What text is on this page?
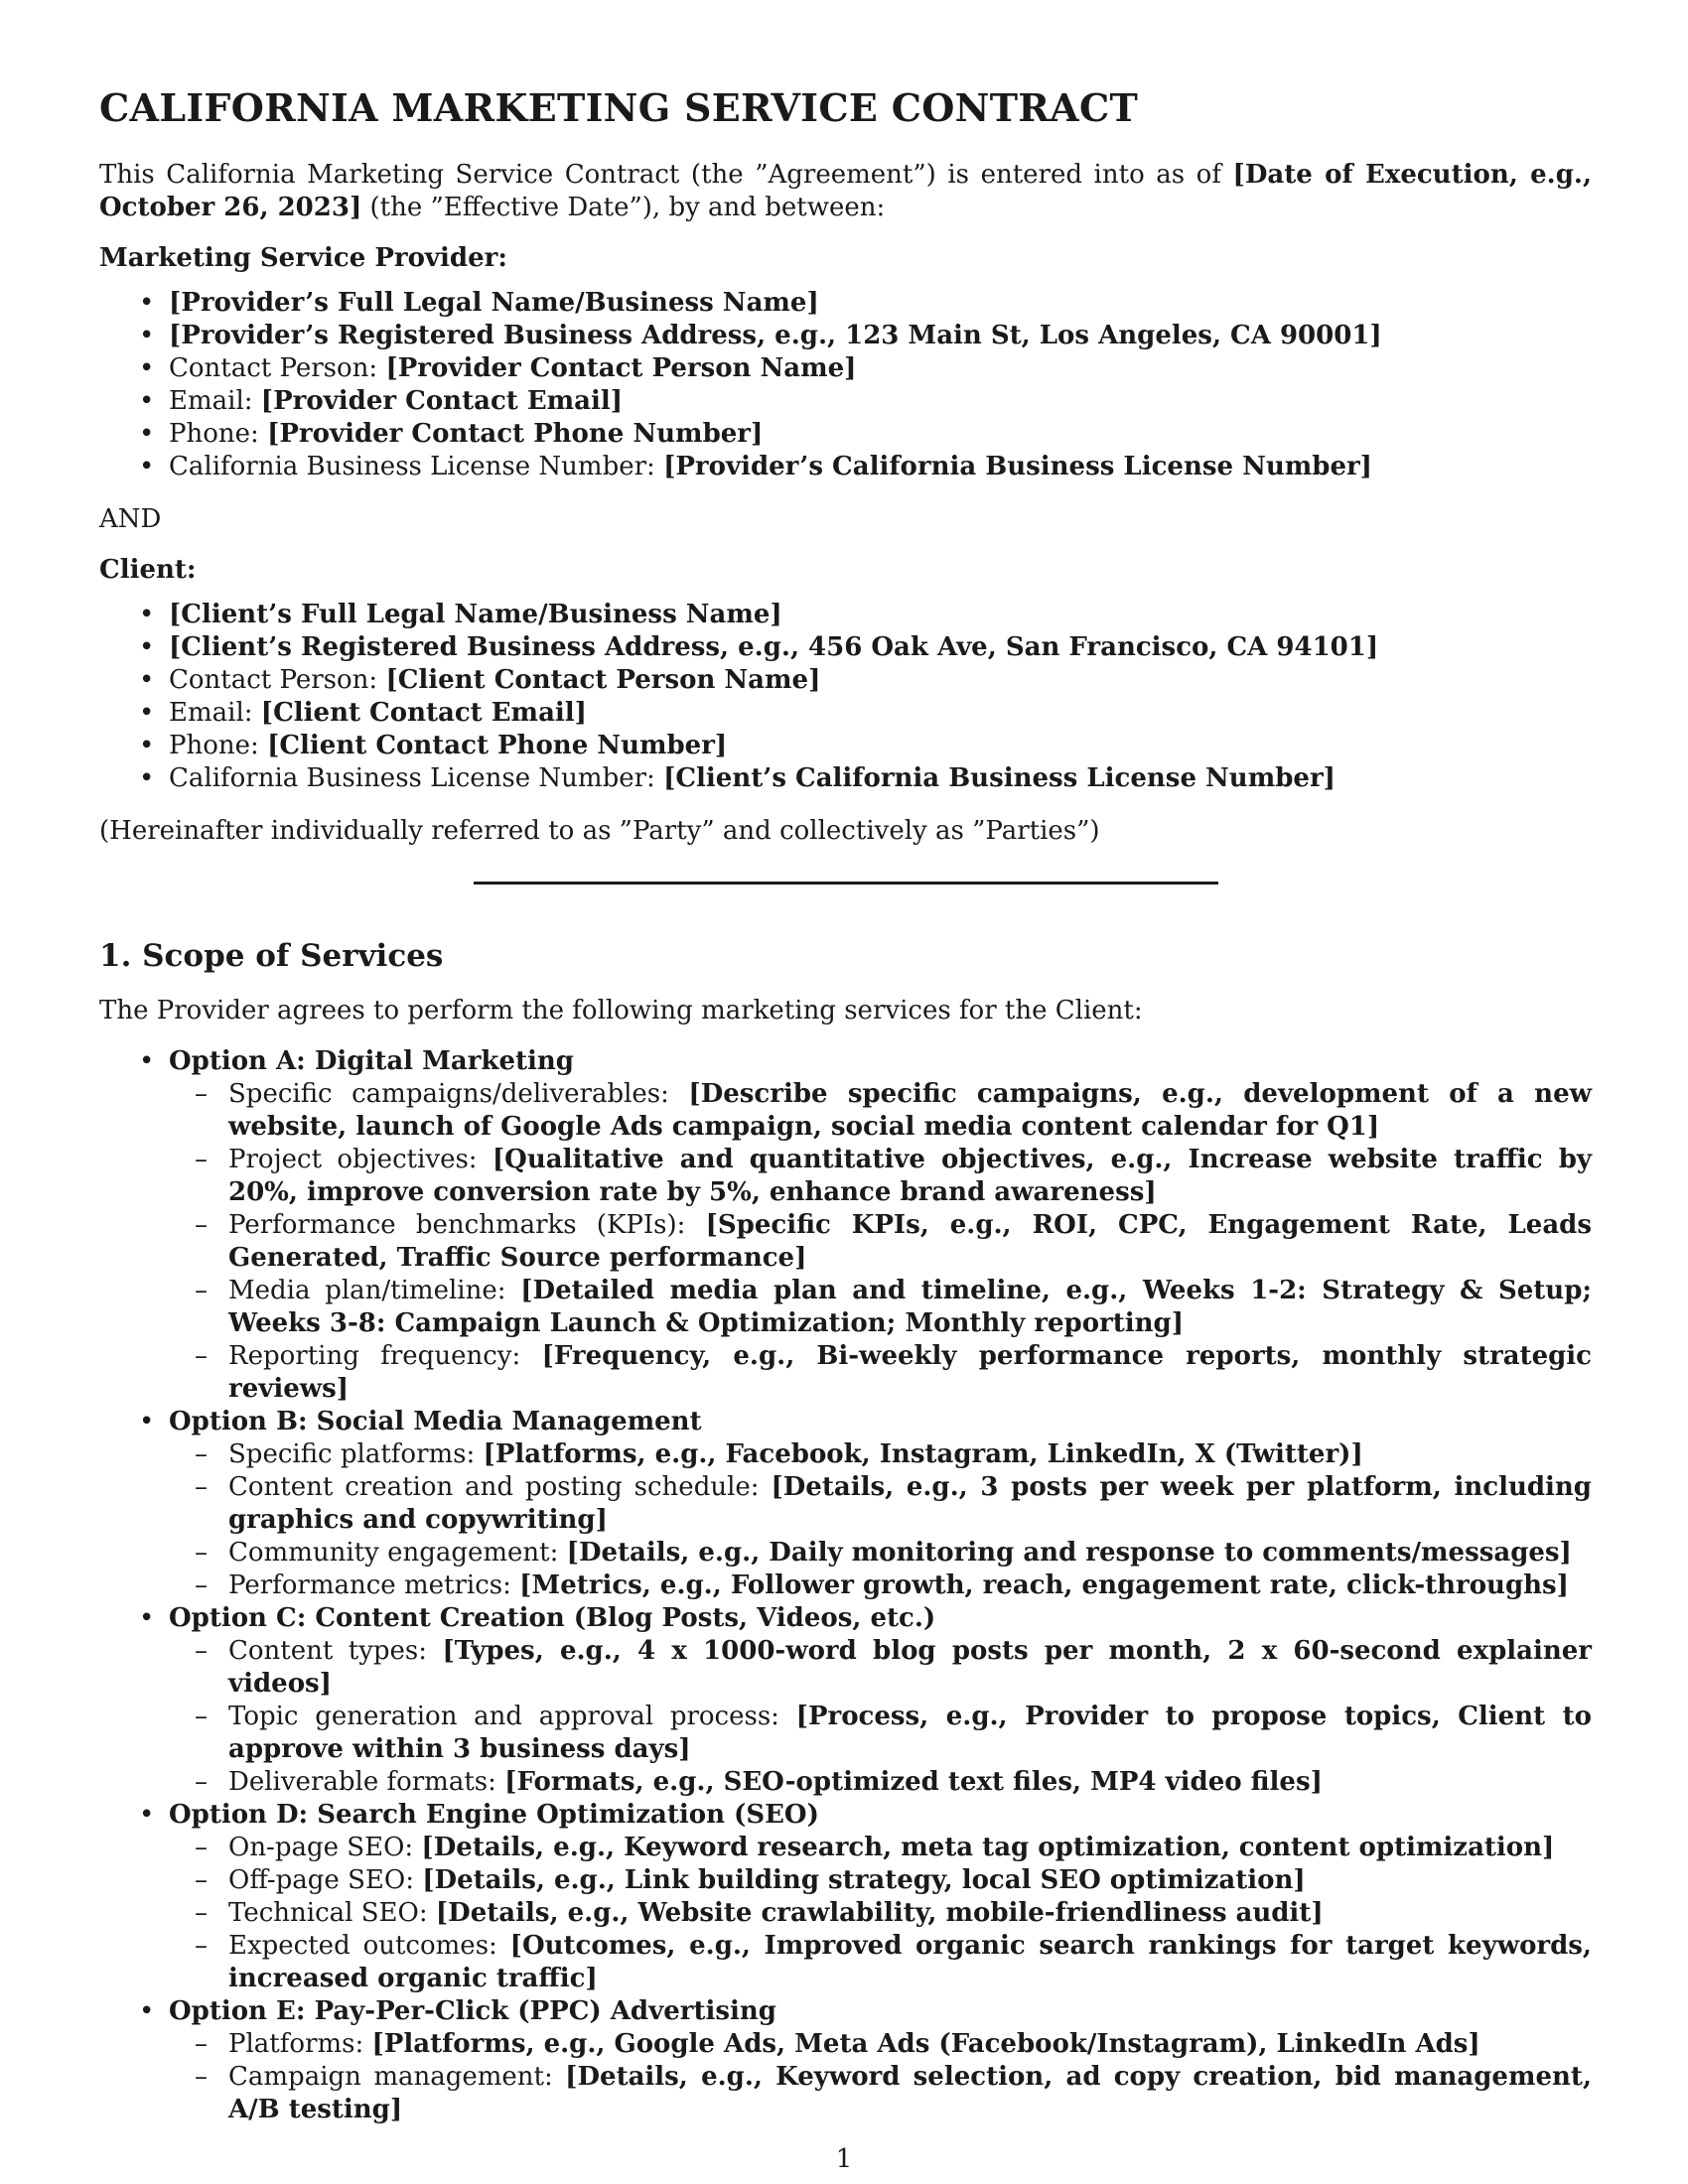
CALIFORNIA MARKETING SERVICE CONTRACT

This California Marketing Service Contract (the ”Agreement”) is entered into as of [Date of Execution, e.g., October 26, 2023] (the ”Effective Date”), by and between:

Marketing Service Provider:
• [Provider’s Full Legal Name/Business Name]
• [Provider’s Registered Business Address, e.g., 123 Main St, Los Angeles, CA 90001]
• Contact Person: [Provider Contact Person Name]
• Email: [Provider Contact Email]
• Phone: [Provider Contact Phone Number]
• California Business License Number: [Provider’s California Business License Number]

AND

Client:
• [Client’s Full Legal Name/Business Name]
• [Client’s Registered Business Address, e.g., 456 Oak Ave, San Francisco, CA 94101]
• Contact Person: [Client Contact Person Name]
• Email: [Client Contact Email]
• Phone: [Client Contact Phone Number]
• California Business License Number: [Client’s California Business License Number]

(Hereinafter individually referred to as ”Party” and collectively as ”Parties”)

1. Scope of Services

The Provider agrees to perform the following marketing services for the Client:

• Option A: Digital Marketing
– Specific campaigns/deliverables: [Describe specific campaigns, e.g., development of a new website, launch of Google Ads campaign, social media content calendar for Q1]
– Project objectives: [Qualitative and quantitative objectives, e.g., Increase website traffic by 20%, improve conversion rate by 5%, enhance brand awareness]
– Performance benchmarks (KPIs): [Specific KPIs, e.g., ROI, CPC, Engagement Rate, Leads Generated, Traffic Source performance]
– Media plan/timeline: [Detailed media plan and timeline, e.g., Weeks 1-2: Strategy & Setup; Weeks 3-8: Campaign Launch & Optimization; Monthly reporting]
– Reporting frequency: [Frequency, e.g., Bi-weekly performance reports, monthly strategic reviews]
• Option B: Social Media Management
– Specific platforms: [Platforms, e.g., Facebook, Instagram, LinkedIn, X (Twitter)]
– Content creation and posting schedule: [Details, e.g., 3 posts per week per platform, including graphics and copywriting]
– Community engagement: [Details, e.g., Daily monitoring and response to comments/messages]
– Performance metrics: [Metrics, e.g., Follower growth, reach, engagement rate, click-throughs]
• Option C: Content Creation (Blog Posts, Videos, etc.)
– Content types: [Types, e.g., 4 x 1000-word blog posts per month, 2 x 60-second explainer videos]
– Topic generation and approval process: [Process, e.g., Provider to propose topics, Client to approve within 3 business days]
– Deliverable formats: [Formats, e.g., SEO-optimized text files, MP4 video files]
• Option D: Search Engine Optimization (SEO)
– On-page SEO: [Details, e.g., Keyword research, meta tag optimization, content optimization]
– Off-page SEO: [Details, e.g., Link building strategy, local SEO optimization]
– Technical SEO: [Details, e.g., Website crawlability, mobile-friendliness audit]
– Expected outcomes: [Outcomes, e.g., Improved organic search rankings for target keywords, increased organic traffic]
• Option E: Pay-Per-Click (PPC) Advertising
– Platforms: [Platforms, e.g., Google Ads, Meta Ads (Facebook/Instagram), LinkedIn Ads]
– Campaign management: [Details, e.g., Keyword selection, ad copy creation, bid management, A/B testing]
1
